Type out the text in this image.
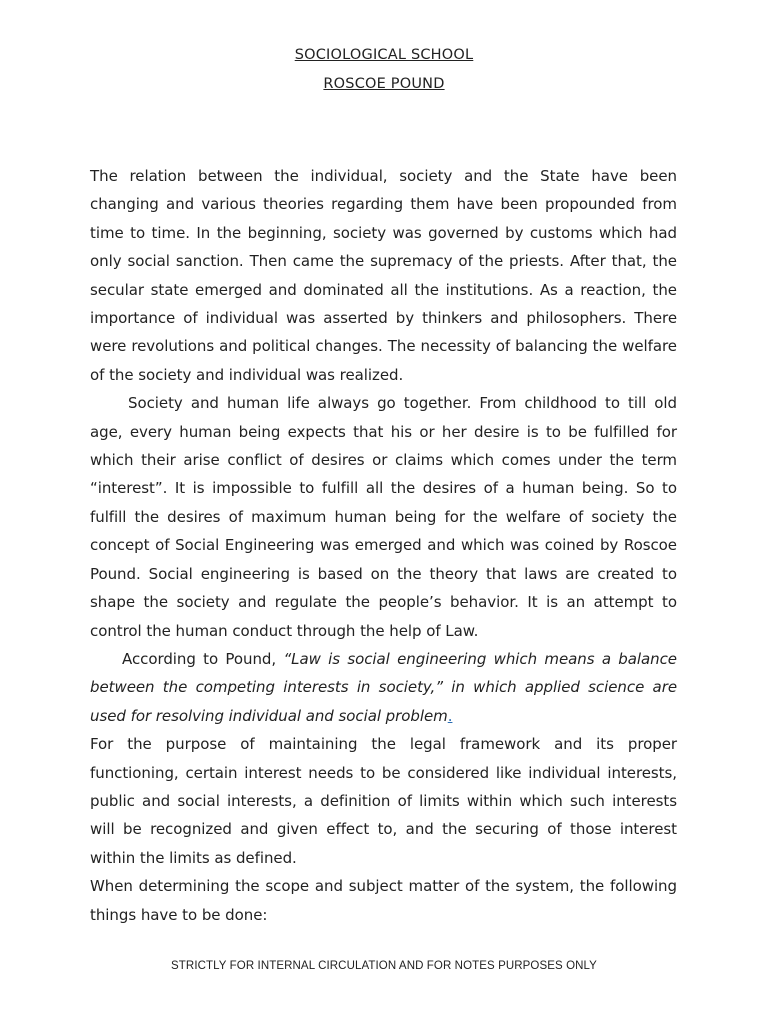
SOCIOLOGICAL SCHOOL
ROSCOE POUND

The relation between the individual, society and the State have been changing and various theories regarding them have been propounded from time to time. In the beginning, society was governed by customs which had only social sanction. Then came the supremacy of the priests. After that, the secular state emerged and dominated all the institutions. As a reaction, the importance of individual was asserted by thinkers and philosophers. There were revolutions and political changes. The necessity of balancing the welfare of the society and individual was realized.

Society and human life always go together. From childhood to till old age, every human being expects that his or her desire is to be fulfilled for which their arise conflict of desires or claims which comes under the term “interest”. It is impossible to fulfill all the desires of a human being. So to fulfill the desires of maximum human being for the welfare of society the concept of Social Engineering was emerged and which was coined by Roscoe Pound. Social engineering is based on the theory that laws are created to shape the society and regulate the people’s behavior. It is an attempt to control the human conduct through the help of Law.

According to Pound, “Law is social engineering which means a balance between the competing interests in society,” in which applied science are used for resolving individual and social problem.

For the purpose of maintaining the legal framework and its proper functioning, certain interest needs to be considered like individual interests, public and social interests, a definition of limits within which such interests will be recognized and given effect to, and the securing of those interest within the limits as defined.

When determining the scope and subject matter of the system, the following things have to be done:

STRICTLY FOR INTERNAL CIRCULATION AND FOR NOTES PURPOSES ONLY
